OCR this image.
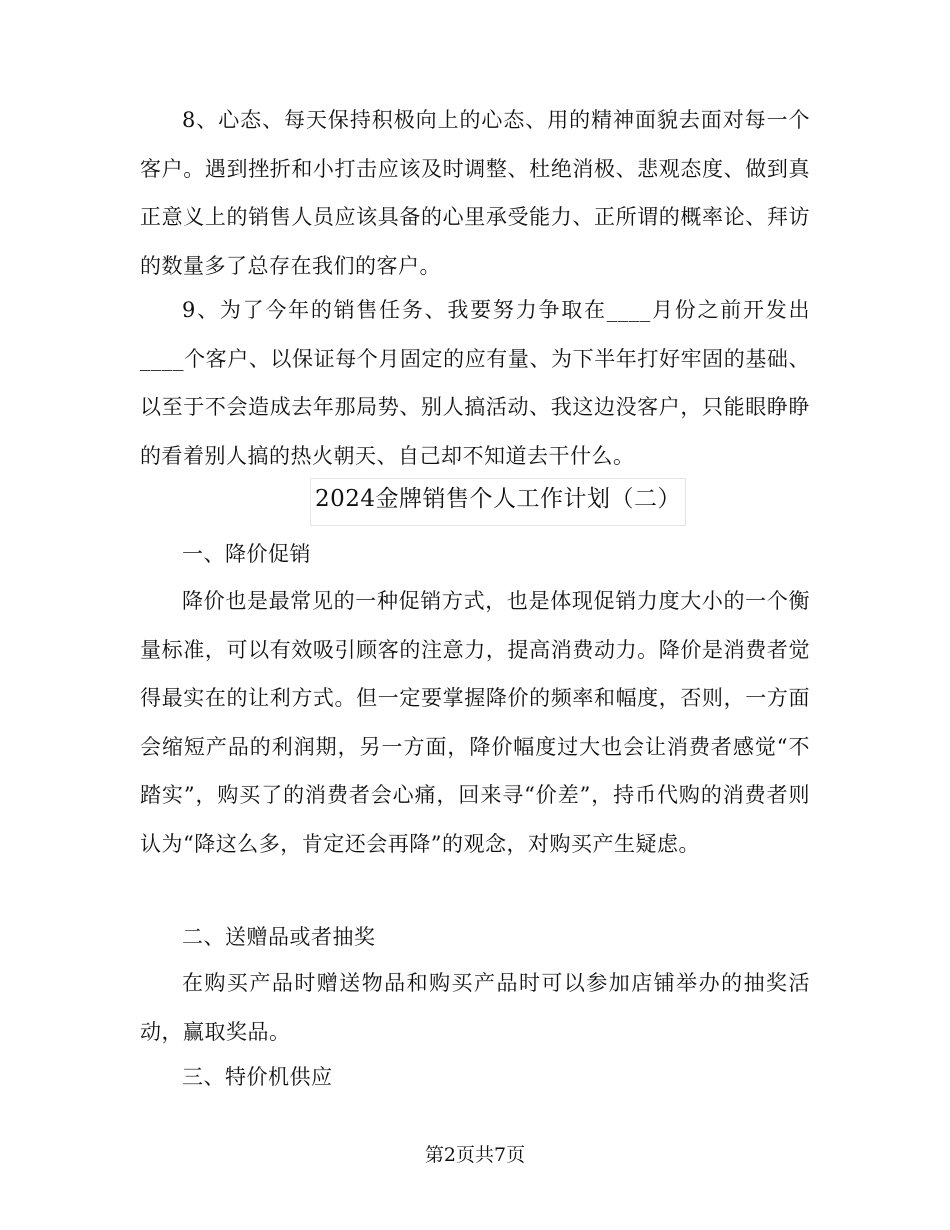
8、心态、每天保持积极向上的心态、用的精神面貌去面对每一个客户。遇到挫折和小打击应该及时调整、杜绝消极、悲观态度、做到真正意义上的销售人员应该具备的心里承受能力、正所谓的概率论、拜访的数量多了总存在我们的客户。

9、为了今年的销售任务、我要努力争取在____月份之前开发出____个客户、以保证每个月固定的应有量、为下半年打好牢固的基础、以至于不会造成去年那局势、别人搞活动、我这边没客户，只能眼睁睁的看着别人搞的热火朝天、自己却不知道去干什么。

2024金牌销售个人工作计划（二）

一、降价促销

降价也是最常见的一种促销方式，也是体现促销力度大小的一个衡量标准，可以有效吸引顾客的注意力，提高消费动力。降价是消费者觉得最实在的让利方式。但一定要掌握降价的频率和幅度，否则，一方面会缩短产品的利润期，另一方面，降价幅度过大也会让消费者感觉“不踏实”，购买了的消费者会心痛，回来寻“价差”，持币代购的消费者则认为“降这么多，肯定还会再降”的观念，对购买产生疑虑。

二、送赠品或者抽奖

在购买产品时赠送物品和购买产品时可以参加店铺举办的抽奖活动，赢取奖品。

三、特价机供应

第2页共7页
